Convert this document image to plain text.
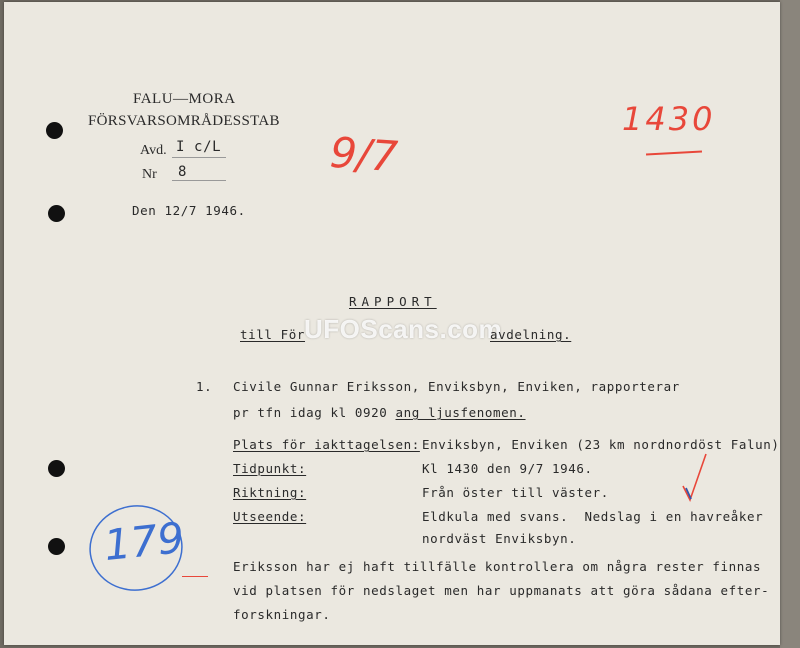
FALU—MORA
FÖRSVARSOMRÅDESSTAB
Avd. I c/L
Nr 8
Den 12/7 1946.
9/7
1430
UFOScans.com
RAPPORT
till För	avdelning.
1. Civile Gunnar Eriksson, Enviksbyn, Enviken, rapporterar
pr tfn idag kl 0920 ang ljusfenomen.
Plats för iakttagelsen: Enviksbyn, Enviken (23 km nordnordöst Falun)
Tidpunkt:	Kl 1430 den 9/7 1946.
Riktning:	Från öster till väster.
Utseende:	Eldkula med svans.  Nedslag i en havreåker
nordväst Enviksbyn.
179	Eriksson har ej haft tillfälle kontrollera om några rester finnas
vid platsen för nedslaget men har uppmanats att göra sådana efter-
forskningar.
